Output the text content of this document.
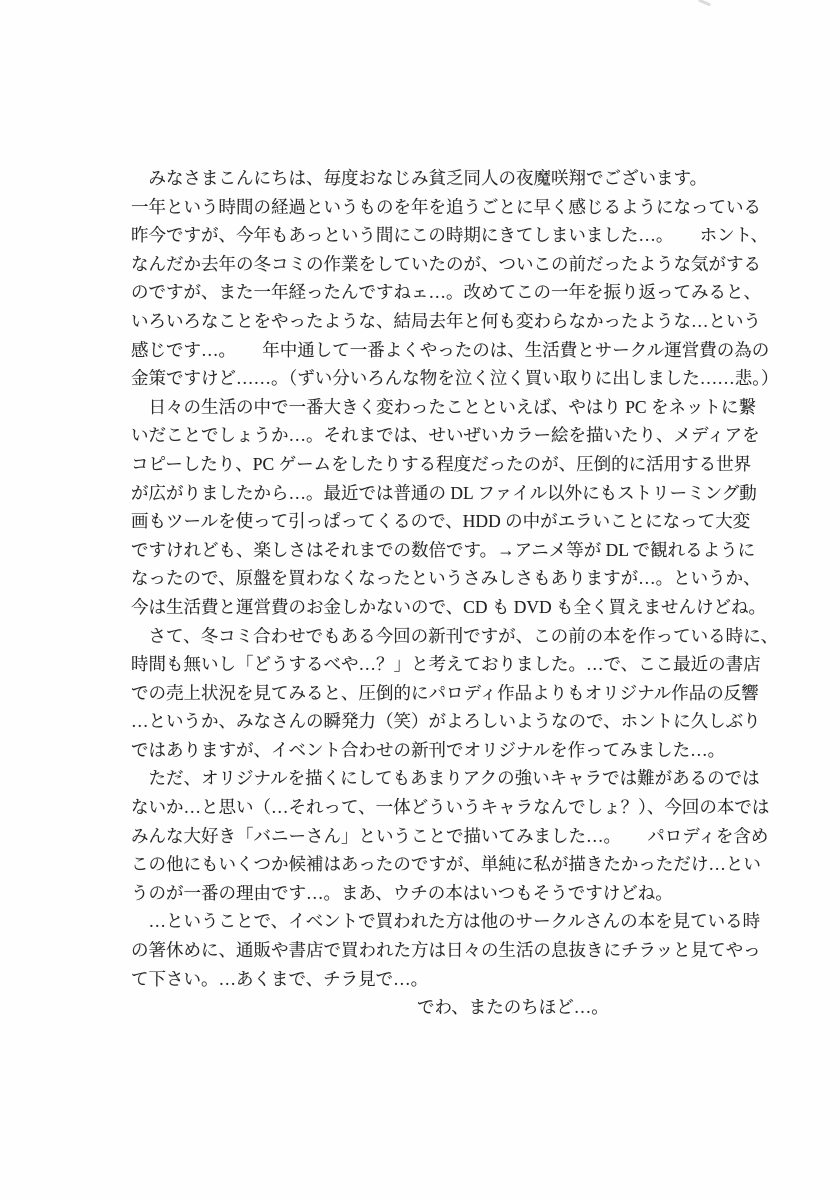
　みなさまこんにちは、毎度おなじみ貧乏同人の夜魔咲翔でございます。
一年という時間の経過というものを年を追うごとに早く感じるようになっている
昨今ですが、今年もあっという間にこの時期にきてしまいました…。　　ホント、
なんだか去年の冬コミの作業をしていたのが、ついこの前だったような気がする
のですが、また一年経ったんですねェ…。改めてこの一年を振り返ってみると、
いろいろなことをやったような、結局去年と何も変わらなかったような…という
感じです…。　　年中通して一番よくやったのは、生活費とサークル運営費の為の
金策ですけど……。（ずい分いろんな物を泣く泣く買い取りに出しました……悲。）
　日々の生活の中で一番大きく変わったことといえば、やはり PC をネットに繋
いだことでしょうか…。それまでは、せいぜいカラー絵を描いたり、メディアを
コピーしたり、PC ゲームをしたりする程度だったのが、圧倒的に活用する世界
が広がりましたから…。最近では普通の DL ファイル以外にもストリーミング動
画もツールを使って引っぱってくるので、HDD の中がエラいことになって大変
ですけれども、楽しさはそれまでの数倍です。→アニメ等が DL で観れるように
なったので、原盤を買わなくなったというさみしさもありますが…。というか、
今は生活費と運営費のお金しかないので、CD も DVD も全く買えませんけどね。
　さて、冬コミ合わせでもある今回の新刊ですが、この前の本を作っている時に、
時間も無いし「どうするべや…？」と考えておりました。…で、ここ最近の書店
での売上状況を見てみると、圧倒的にパロディ作品よりもオリジナル作品の反響
…というか、みなさんの瞬発力（笑）がよろしいようなので、ホントに久しぶり
ではありますが、イベント合わせの新刊でオリジナルを作ってみました…。
　ただ、オリジナルを描くにしてもあまりアクの強いキャラでは難があるのでは
ないか…と思い（…それって、一体どういうキャラなんでしょ？）、今回の本では
みんな大好き「バニーさん」ということで描いてみました…。　　パロディを含め
この他にもいくつか候補はあったのですが、単純に私が描きたかっただけ…とい
うのが一番の理由です…。まあ、ウチの本はいつもそうですけどね。
　…ということで、イベントで買われた方は他のサークルさんの本を見ている時
の箸休めに、通販や書店で買われた方は日々の生活の息抜きにチラッと見てやっ
て下さい。…あくまで、チラ見で…。
でわ、またのちほど…。
